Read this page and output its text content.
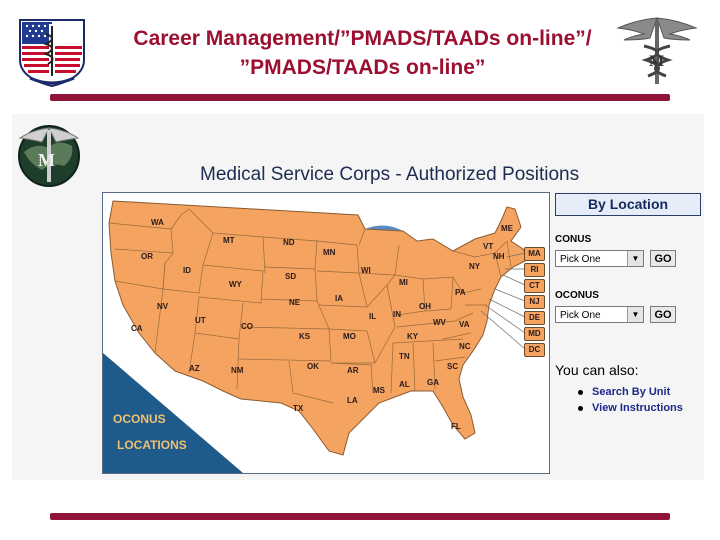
Career Management/”PMADS/TAADs on-line”/
”PMADS/TAADs on-line”	M
M
Medical Service Corps - Authorized Positions
OCONUS
LOCATIONS
WA
OR
CA
NV
ID
MT
WY
UT
AZ
CO
NM
ND
SD
NE
KS
OK
TX
MN
IA
MO
AR
LA
WI
IL
MI
IN
OH
KY
TN
MS
AL GA
FL
SC
NC
VA
WV
PA
NY
VT
NH
ME
MA
RI
CT
NJ
DE
MD
DC
By Location
CONUS
Pick One	▼	GO
OCONUS
Pick One	▼	GO
You can also:
Search By Unit
View Instructions
